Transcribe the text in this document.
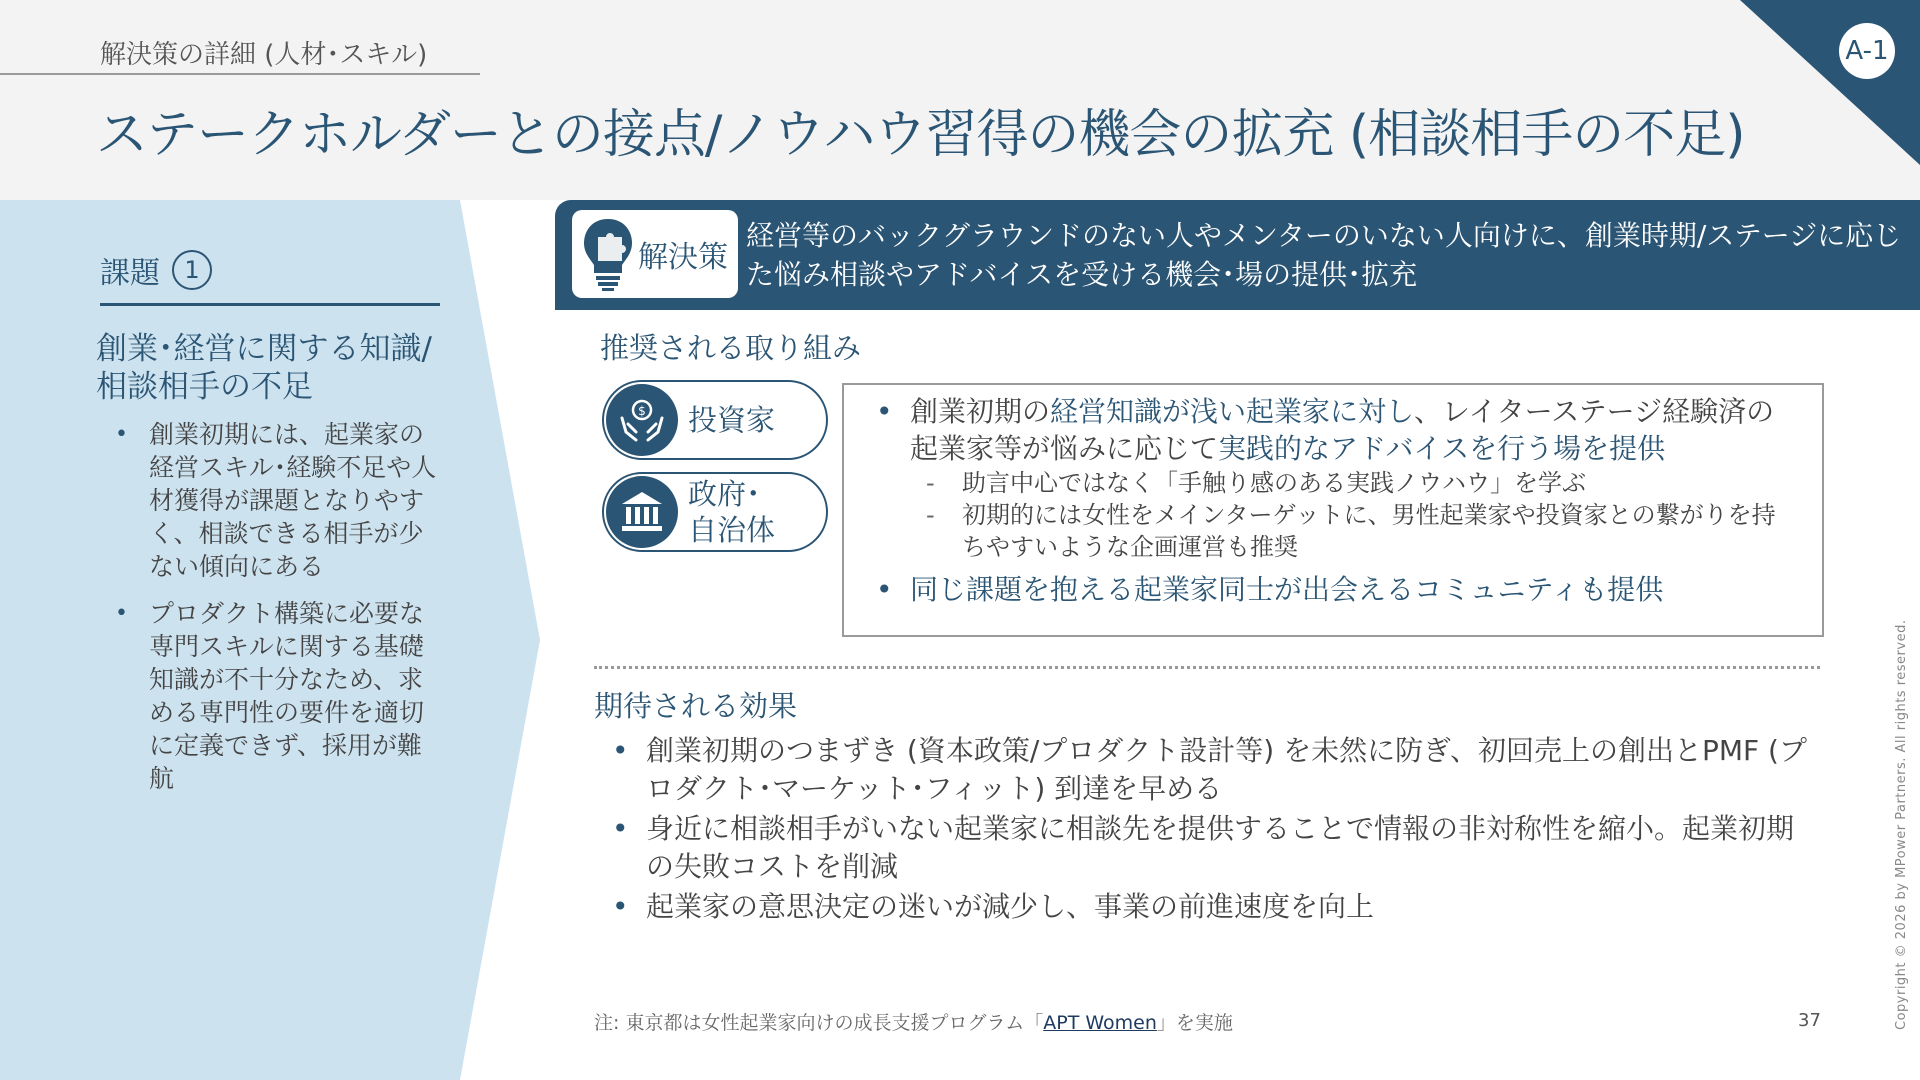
解決策の詳細 (人材･スキル)
ステークホルダーとの接点/ノウハウ習得の機会の拡充 (相談相手の不足)
A-1
課題	1
創業･経営に関する知識/相談相手の不足
• 創業初期には、起業家の経営スキル･経験不足や人材獲得が課題となりやすく、相談できる相手が少ない傾向にある
• プロダクト構築に必要な専門スキルに関する基礎知識が不十分なため、求める専門性の要件を適切に定義できず、採用が難航
解決策
経営等のバックグラウンドのない人やメンターのいない人向けに、創業時期/ステージに応じた悩み相談やアドバイスを受ける機会･場の提供･拡充
推奨される取り組み
$ 投資家
政府･
自治体
• 創業初期の経営知識が浅い起業家に対し、レイターステージ経験済の起業家等が悩みに応じて実践的なアドバイスを行う場を提供
- 助言中心ではなく「手触り感のある実践ノウハウ」を学ぶ
- 初期的には女性をメインターゲットに、男性起業家や投資家との繋がりを持ちやすいような企画運営も推奨
• 同じ課題を抱える起業家同士が出会えるコミュニティも提供
期待される効果
• 創業初期のつまずき (資本政策/プロダクト設計等) を未然に防ぎ、初回売上の創出とPMF (プロダクト･マーケット･フィット) 到達を早める
• 身近に相談相手がいない起業家に相談先を提供することで情報の非対称性を縮小。起業初期の失敗コストを削減
• 起業家の意思決定の迷いが減少し、事業の前進速度を向上
注: 東京都は女性起業家向けの成長支援プログラム「APT Women」を実施	37	Copyright © 2026 by MPower Partners. All rights reserved.
